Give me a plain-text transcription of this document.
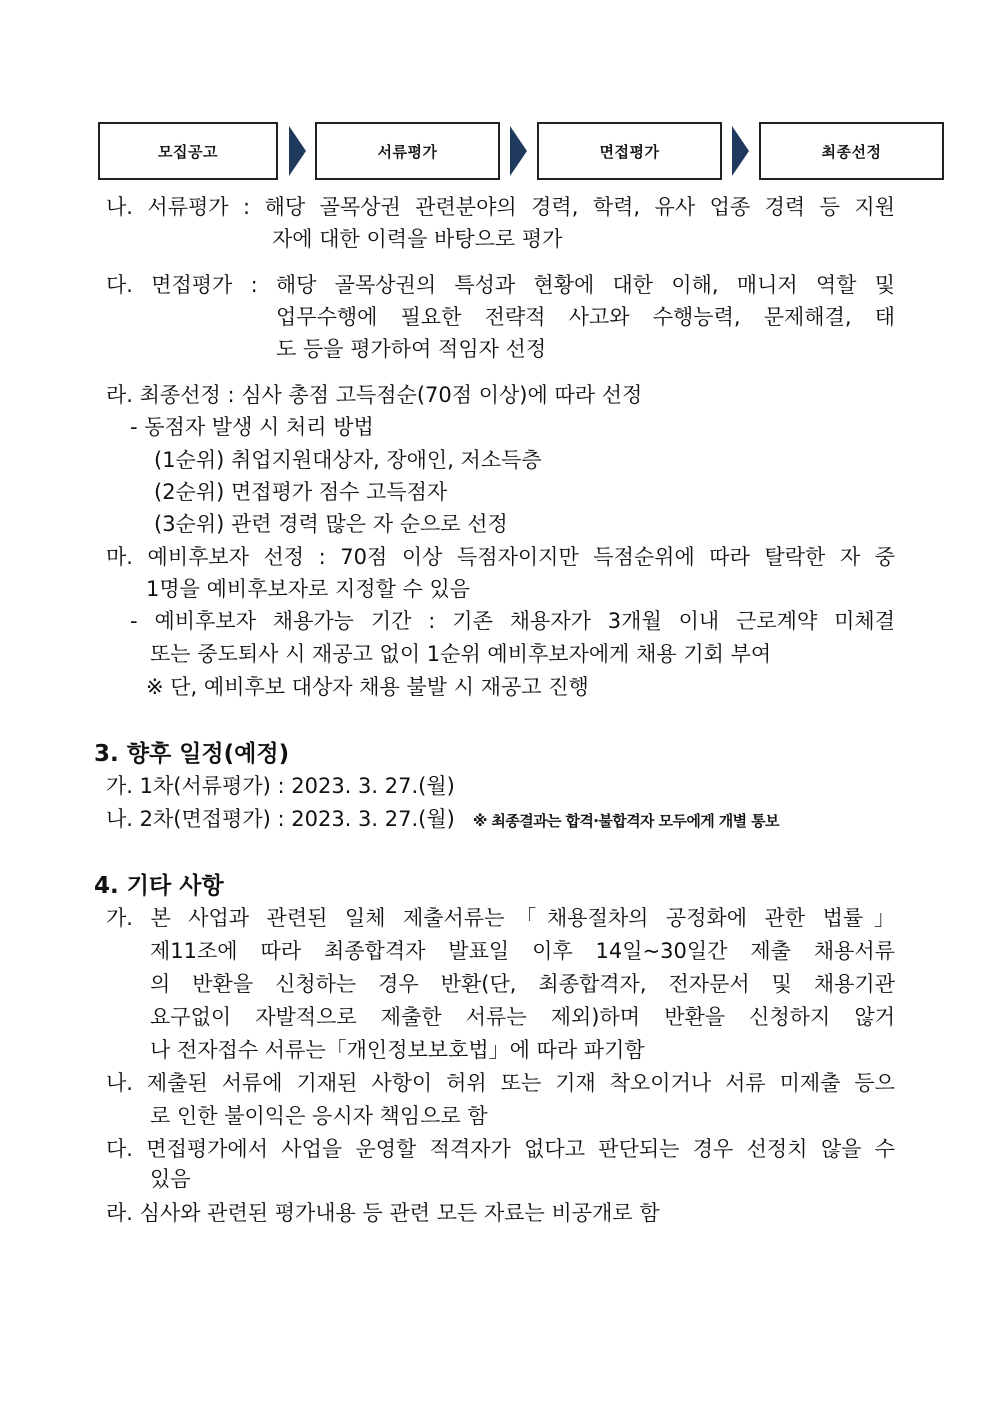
모집공고	서류평가	면접평가	최종선정
나. 서류평가 : 해당 골목상권 관련분야의 경력, 학력, 유사 업종 경력 등 지원
자에 대한 이력을 바탕으로 평가
다. 면접평가 : 해당 골목상권의 특성과 현황에 대한 이해, 매니저 역할 및
업무수행에 필요한 전략적 사고와 수행능력, 문제해결, 태
도 등을 평가하여 적임자 선정
라. 최종선정 : 심사 총점 고득점순(70점 이상)에 따라 선정
- 동점자 발생 시 처리 방법
(1순위) 취업지원대상자, 장애인, 저소득층
(2순위) 면접평가 점수 고득점자
(3순위) 관련 경력 많은 자 순으로 선정
마. 예비후보자 선정 : 70점 이상 득점자이지만 득점순위에 따라 탈락한 자 중
1명을 예비후보자로 지정할 수 있음
- 예비후보자 채용가능 기간 : 기존 채용자가 3개월 이내 근로계약 미체결
또는 중도퇴사 시 재공고 없이 1순위 예비후보자에게 채용 기회 부여
※ 단, 예비후보 대상자 채용 불발 시 재공고 진행
3. 향후 일정(예정)
가. 1차(서류평가) : 2023. 3. 27.(월)
나. 2차(면접평가) : 2023. 3. 27.(월) ※ 최종결과는 합격·불합격자 모두에게 개별 통보
4. 기타 사항
가. 본 사업과 관련된 일체 제출서류는「채용절차의 공정화에 관한 법률」
제11조에 따라 최종합격자 발표일 이후 14일~30일간 제출 채용서류
의 반환을 신청하는 경우 반환(단, 최종합격자, 전자문서 및 채용기관
요구없이 자발적으로 제출한 서류는 제외)하며 반환을 신청하지 않거
나 전자접수 서류는「개인정보보호법」에 따라 파기함
나. 제출된 서류에 기재된 사항이 허위 또는 기재 착오이거나 서류 미제출 등으
로 인한 불이익은 응시자 책임으로 함
다. 면접평가에서 사업을 운영할 적격자가 없다고 판단되는 경우 선정치 않을 수
있음
라. 심사와 관련된 평가내용 등 관련 모든 자료는 비공개로 함
